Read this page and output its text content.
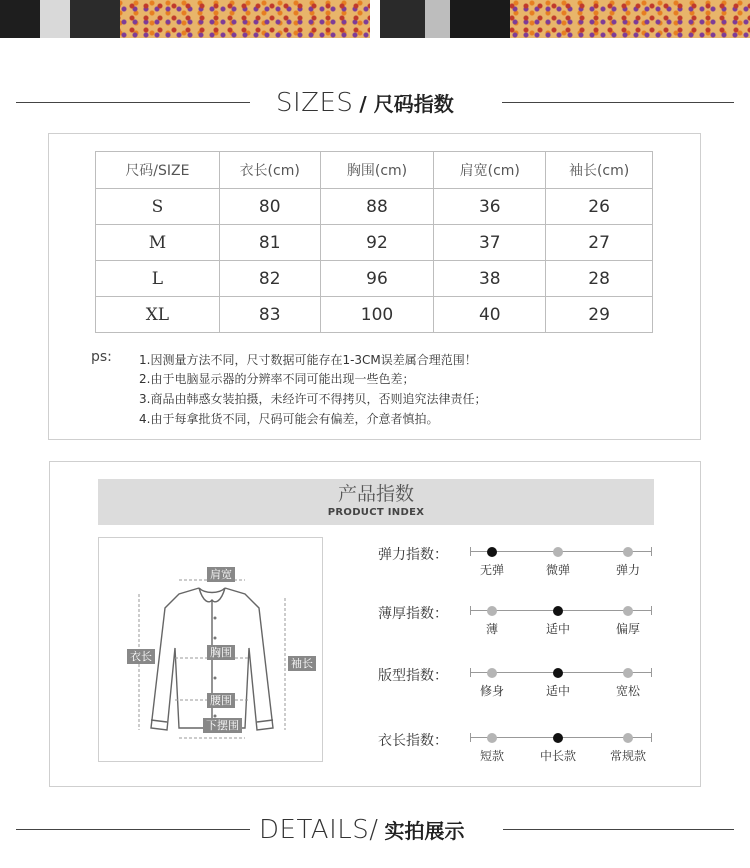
SIZES / 尺码指数
尺码/SIZE	衣长(cm)	胸围(cm)	肩宽(cm)	袖长(cm)
S	80	88	36	26
M	81	92	37	27
L	82	96	38	28
XL	83	100	40	29
ps: 1.因测量方法不同，尺寸数据可能存在1-3CM误差属合理范围！
2.由于电脑显示器的分辨率不同可能出现一些色差；
3.商品由韩惑女装拍摄，未经许可不得拷贝，否则追究法律责任；
4.由于每拿批货不同，尺码可能会有偏差，介意者慎拍。
产品指数
PRODUCT INDEX
肩宽
衣长	胸围
袖长
腰围
下摆围
弹力指数：
无弹	微弹	弹力
薄厚指数：
薄	适中	偏厚
版型指数：
修身	适中	宽松
衣长指数：
短款	中长款	常规款
DETAILS/ 实拍展示
